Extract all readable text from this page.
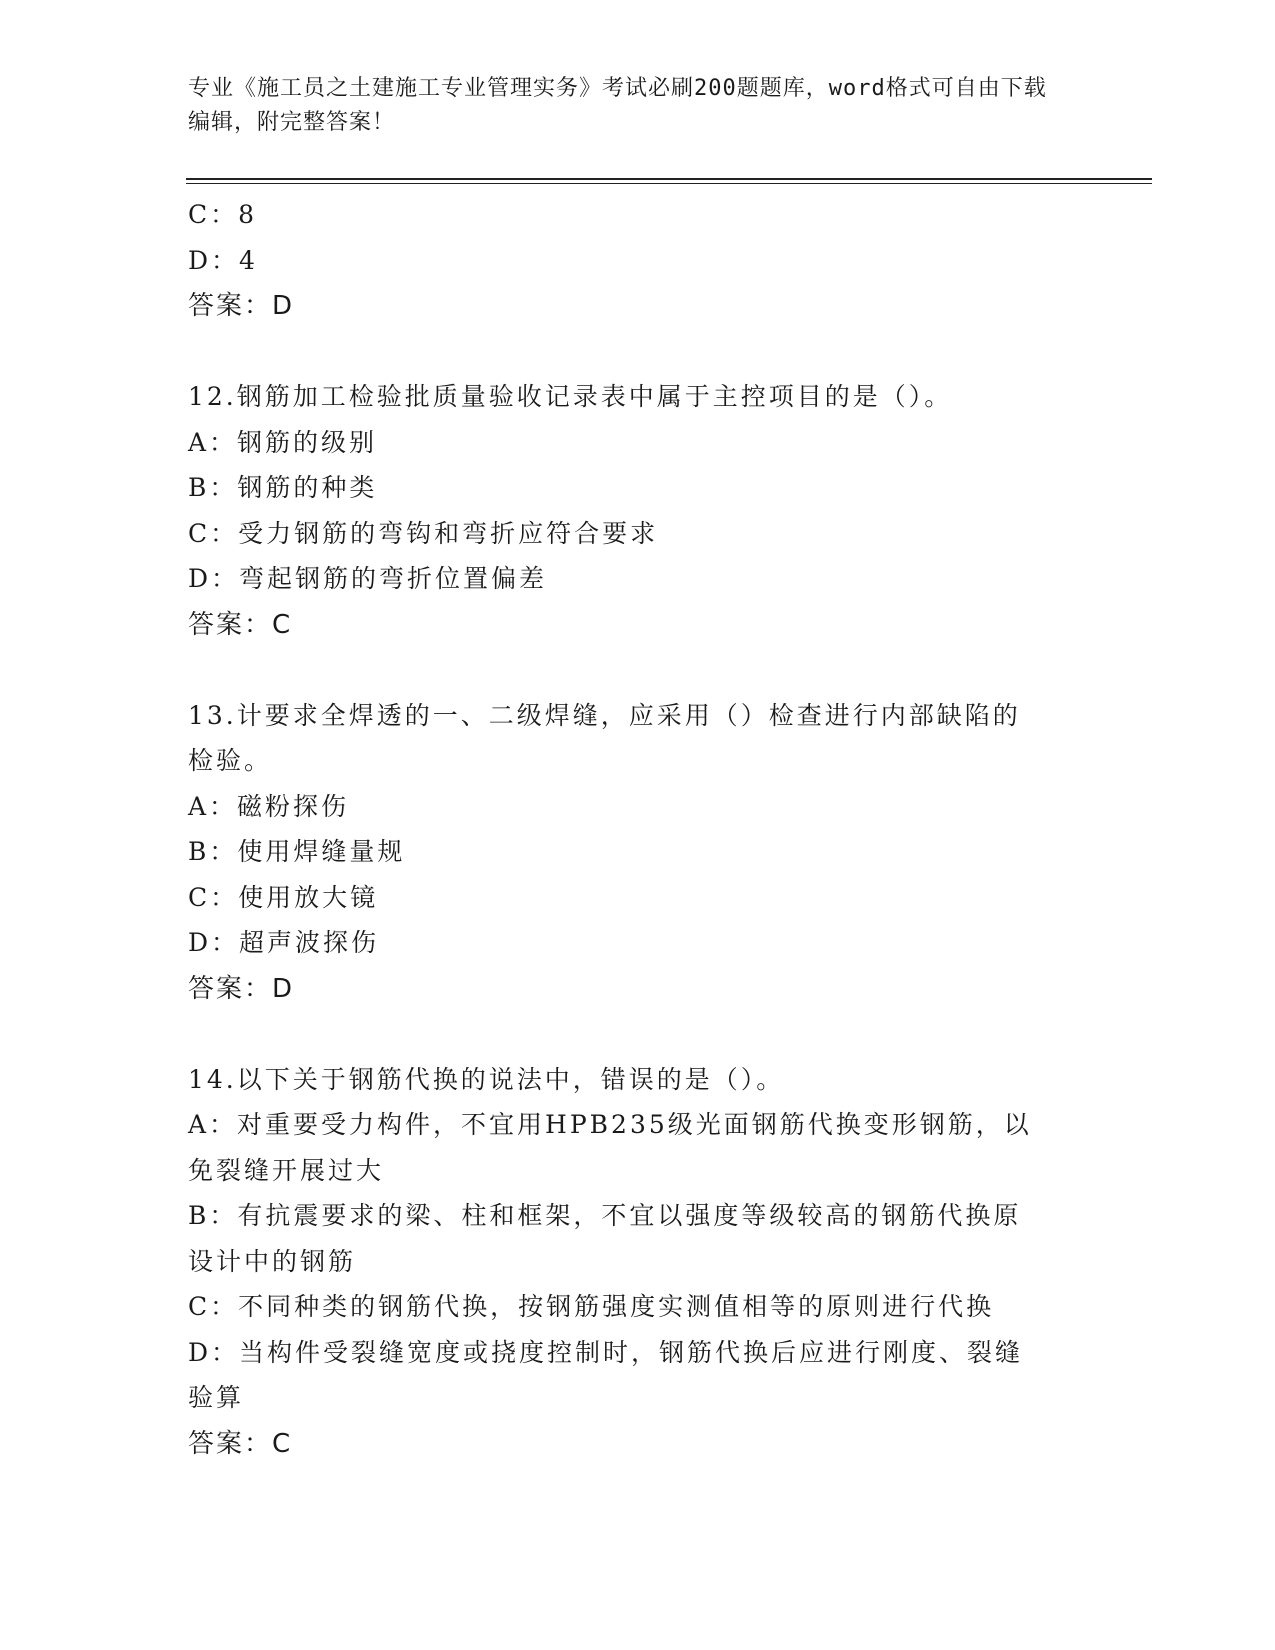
专业《施工员之土建施工专业管理实务》考试必刷200题题库，word格式可自由下载编辑，附完整答案！
C：8
D：4
答案：D
12.钢筋加工检验批质量验收记录表中属于主控项目的是（）。
A：钢筋的级别
B：钢筋的种类
C：受力钢筋的弯钩和弯折应符合要求
D：弯起钢筋的弯折位置偏差
答案：C
13.计要求全焊透的一、二级焊缝，应采用（）检查进行内部缺陷的检验。
A：磁粉探伤
B：使用焊缝量规
C：使用放大镜
D：超声波探伤
答案：D
14.以下关于钢筋代换的说法中，错误的是（）。
A：对重要受力构件，不宜用HPB235级光面钢筋代换变形钢筋，以免裂缝开展过大
B：有抗震要求的梁、柱和框架，不宜以强度等级较高的钢筋代换原设计中的钢筋
C：不同种类的钢筋代换，按钢筋强度实测值相等的原则进行代换
D：当构件受裂缝宽度或挠度控制时，钢筋代换后应进行刚度、裂缝验算
答案：C
